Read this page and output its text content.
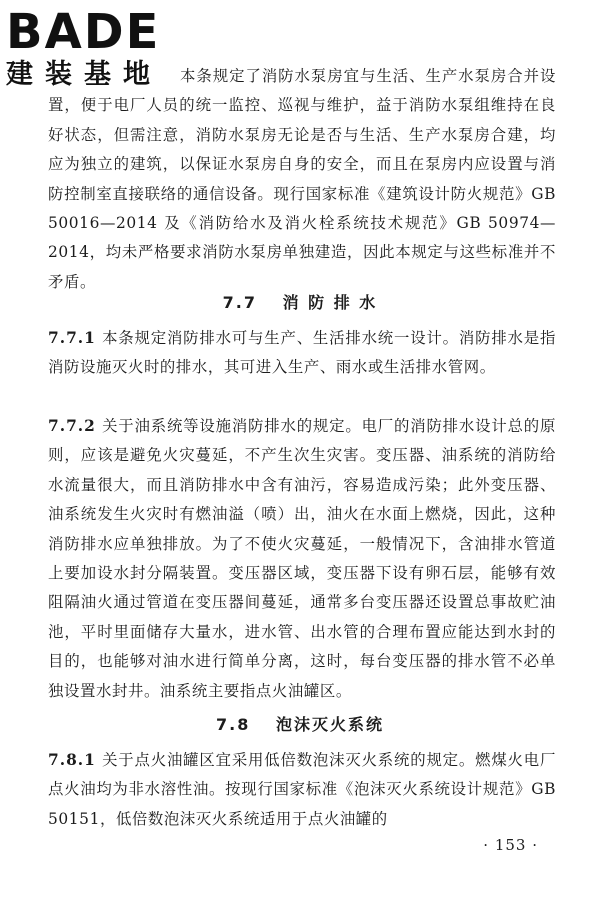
BADE
建装基地	本条规定了消防水泵房宜与生活、生产水泵房合并设置，便于电厂人员的统一监控、巡视与维护，益于消防水泵组维持在良好状态，但需注意，消防水泵房无论是否与生活、生产水泵房合建，均应为独立的建筑，以保证水泵房自身的安全，而且在泵房内应设置与消防控制室直接联络的通信设备。现行国家标准《建筑设计防火规范》GB 50016—2014 及《消防给水及消火栓系统技术规范》GB 50974—2014，均未严格要求消防水泵房单独建造，因此本规定与这些标准并不矛盾。

7.7 消 防 排 水

7.7.1 本条规定消防排水可与生产、生活排水统一设计。消防排水是指消防设施灭火时的排水，其可进入生产、雨水或生活排水管网。

7.7.2 关于油系统等设施消防排水的规定。电厂的消防排水设计总的原则，应该是避免火灾蔓延，不产生次生灾害。变压器、油系统的消防给水流量很大，而且消防排水中含有油污，容易造成污染；此外变压器、油系统发生火灾时有燃油溢（喷）出，油火在水面上燃烧，因此，这种消防排水应单独排放。为了不使火灾蔓延，一般情况下，含油排水管道上要加设水封分隔装置。变压器区域，变压器下设有卵石层，能够有效阻隔油火通过管道在变压器间蔓延，通常多台变压器还设置总事故贮油池，平时里面储存大量水，进水管、出水管的合理布置应能达到水封的目的，也能够对油水进行简单分离，这时，每台变压器的排水管不必单独设置水封井。油系统主要指点火油罐区。

7.8 泡沫灭火系统

7.8.1 关于点火油罐区宜采用低倍数泡沫灭火系统的规定。燃煤火电厂点火油均为非水溶性油。按现行国家标准《泡沫灭火系统设计规范》GB 50151，低倍数泡沫灭火系统适用于点火油罐的

· 153 ·
